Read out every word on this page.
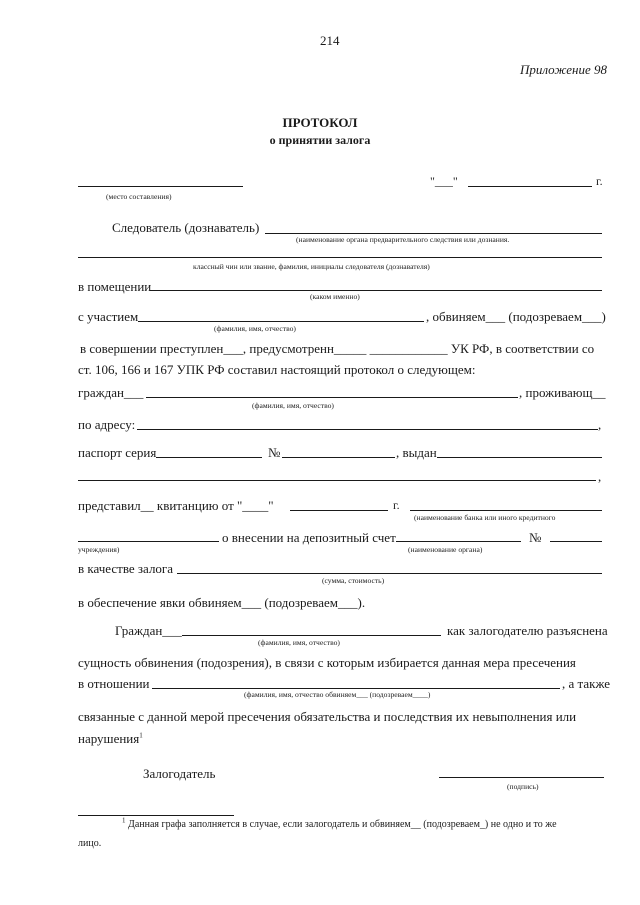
214
Приложение 98
ПРОТОКОЛ
о принятии залога
(место составления)
"___"	г.
Следователь (дознаватель)
(наименование органа предварительного следствия или дознания.
классный чин или звание, фамилия, инициалы следователя (дознавателя)
в помещении
(каком именно)
с участием	, обвиняем___ (подозреваем___)
(фамилия, имя, отчество)
в совершении преступлен___, предусмотренн_____ ____________ УК РФ, в соответствии со
ст. 106, 166 и 167 УПК РФ составил настоящий протокол о следующем:
граждан___	, проживающ__
(фамилия, имя, отчество)
по адресу:	,
паспорт серия	№	, выдан
,
представил__ квитанцию от "____"	г.
(наименование банка или иного кредитного
о внесении на депозитный счет	№
учреждения)	(наименование органа)
в качестве залога
(сумма, стоимость)
в обеспечение явки обвиняем___ (подозреваем___).
Граждан___	как залогодателю разъяснена
(фамилия, имя, отчество)
сущность обвинения (подозрения), в связи с которым избирается данная мера пресечения
в отношении	, а также
(фамилия, имя, отчество обвиняем___ (подозреваем____)
связанные с данной мерой пресечения обязательства и последствия их невыполнения или
нарушения$^1$
Залогодатель
(подпись)
$^1$ Данная графа заполняется в случае, если залогодатель и обвиняем__ (подозреваем_) не одно и то же
лицо.
